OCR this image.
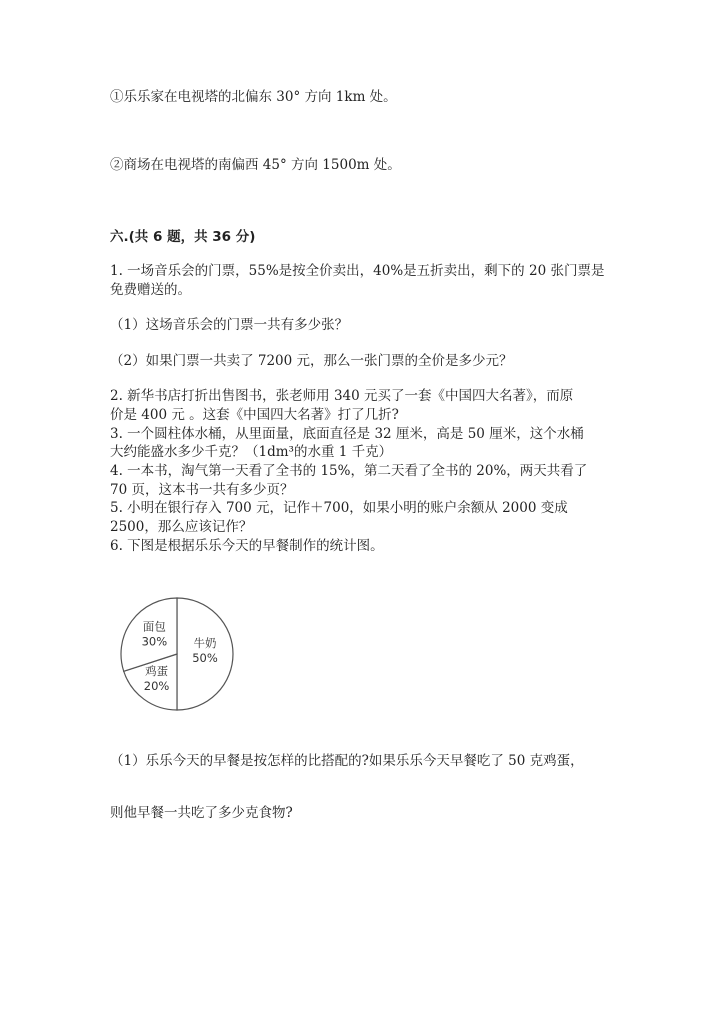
①乐乐家在电视塔的北偏东 30° 方向 1km 处。
②商场在电视塔的南偏西 45° 方向 1500m 处。
六.(共 6 题，共 36 分)
1. 一场音乐会的门票，55%是按全价卖出，40%是五折卖出，剩下的 20 张门票是
免费赠送的。
（1）这场音乐会的门票一共有多少张？
（2）如果门票一共卖了 7200 元，那么一张门票的全价是多少元？
2. 新华书店打折出售图书，张老师用 340 元买了一套《中国四大名著》，而原
价是 400 元 。这套《中国四大名著》打了几折?
3. 一个圆柱体水桶，从里面量，底面直径是 32 厘米，高是 50 厘米，这个水桶
大约能盛水多少千克？（1dm³的水重 1 千克）
4. 一本书，淘气第一天看了全书的 15%，第二天看了全书的 20%，两天共看了
70 页，这本书一共有多少页？
5. 小明在银行存入 700 元，记作＋700，如果小明的账户余额从 2000 变成
2500，那么应该记作？
6. 下图是根据乐乐今天的早餐制作的统计图。
牛奶
50%
鸡蛋
20%
面包
30%
（1）乐乐今天的早餐是按怎样的比搭配的?如果乐乐今天早餐吃了 50 克鸡蛋，
则他早餐一共吃了多少克食物?
